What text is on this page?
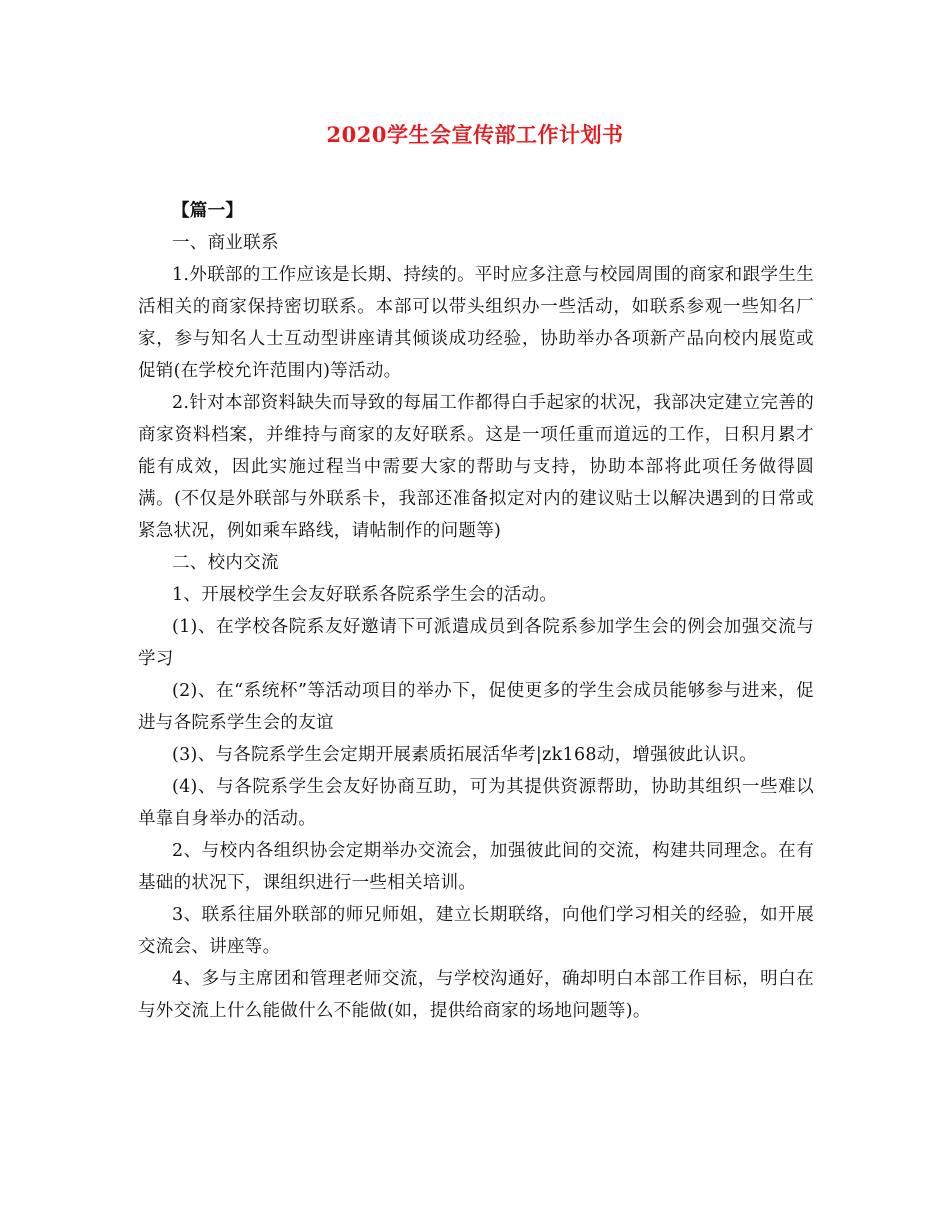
2020学生会宣传部工作计划书

【篇一】

一、商业联系

1.外联部的工作应该是长期、持续的。平时应多注意与校园周围的商家和跟学生生活相关的商家保持密切联系。本部可以带头组织办一些活动，如联系参观一些知名厂家，参与知名人士互动型讲座请其倾谈成功经验，协助举办各项新产品向校内展览或促销(在学校允许范围内)等活动。

2.针对本部资料缺失而导致的每届工作都得白手起家的状况，我部决定建立完善的商家资料档案，并维持与商家的友好联系。这是一项任重而道远的工作，日积月累才能有成效，因此实施过程当中需要大家的帮助与支持，协助本部将此项任务做得圆满。(不仅是外联部与外联系卡，我部还准备拟定对内的建议贴士以解决遇到的日常或紧急状况，例如乘车路线，请帖制作的问题等)

二、校内交流

1、开展校学生会友好联系各院系学生会的活动。

(1)、在学校各院系友好邀请下可派遣成员到各院系参加学生会的例会加强交流与学习

(2)、在“系统杯”等活动项目的举办下，促使更多的学生会成员能够参与进来，促进与各院系学生会的友谊

(3)、与各院系学生会定期开展素质拓展活华考|zk168动，增强彼此认识。

(4)、与各院系学生会友好协商互助，可为其提供资源帮助，协助其组织一些难以单靠自身举办的活动。

2、与校内各组织协会定期举办交流会，加强彼此间的交流，构建共同理念。在有基础的状况下，课组织进行一些相关培训。

3、联系往届外联部的师兄师姐，建立长期联络，向他们学习相关的经验，如开展交流会、讲座等。

4、多与主席团和管理老师交流，与学校沟通好，确却明白本部工作目标，明白在与外交流上什么能做什么不能做(如，提供给商家的场地问题等)。
